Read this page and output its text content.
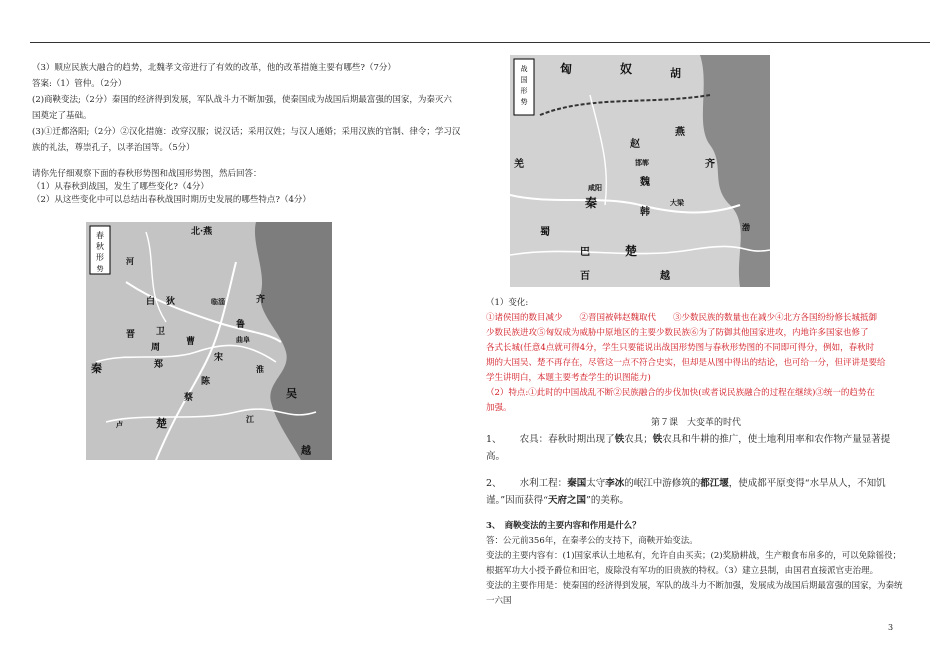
（3）顺应民族大融合的趋势，北魏孝文帝进行了有效的改革，他的改革措施主要有哪些?（7分）

答案:（1）管仲。（2分）

(2)商鞅变法;（2分）秦国的经济得到发展，军队战斗力不断加强，使秦国成为战国后期最富强的国家，为秦灭六

国奠定了基础。

(3)①迁都洛阳;（2分）②汉化措施：改穿汉服；说汉话；采用汉姓；与汉人通婚；采用汉族的官制、律令；学习汉

族的礼法，尊崇孔子，以孝治国等。（5分）

请你先仔细观察下面的春秋形势图和战国形势图，然后回答：

（1）从春秋到战国，发生了哪些变化?（4分）

（2）从这些变化中可以总结出春秋战国时期历史发展的哪些特点?（4分）

春
秋
形
势
北·燕
白 狄
卫
晋
周
郑
宋
鲁
齐
秦
曹
陈
蔡
楚
吴
越
卢
河
临淄
曲阜
江
淮
战
国
形
势
匈	奴	胡
燕
赵
齐
魏
韩
秦
楚
羌
巴
蜀
百	越
渤
咸阳
邯郸
大梁

（1）变化:

①诸侯国的数目减少　　②晋国被韩赵魏取代　　③少数民族的数量也在减少④北方各国纷纷修长城抵御

少数民族进攻⑤匈奴成为威胁中原地区的主要少数民族⑥为了防御其他国家进攻，内地许多国家也修了

各式长城(任意4点就可得4分，学生只要能说出战国形势图与春秋形势图的不同即可得分，例如，春秋时

期的大国吴、楚不再存在，尽管这一点不符合史实，但却是从图中得出的结论，也可给一分，但评讲是要给

学生讲明白，本题主要考查学生的识图能力)

（2）特点:①此时的中国战乱不断②民族融合的步伐加快(或者说民族融合的过程在继续)③统一的趋势在

加强。

第７课　大变革的时代

1、 农具：春秋时期出现了铁农具；铁农具和牛耕的推广，使土地利用率和农作物产量显著提高。

2、 水利工程：秦国太守李冰的岷江中游修筑的都江堰，使成都平原变得“水旱从人，不知饥

谨。”因而获得“天府之国”的美称。

3、　商鞅变法的主要内容和作用是什么？

答：公元前356年，在秦孝公的支持下，商鞅开始变法。

变法的主要内容有：(1)国家承认土地私有，允许自由买卖；(2)奖励耕战，生产粮食布帛多的，可以免除徭役；

根据军功大小授予爵位和田宅，废除没有军功的旧贵族的特权。（3）建立县制，由国君直接派官吏治理。

变法的主要作用是：使秦国的经济得到发展，军队的战斗力不断加强，发展成为战国后期最富强的国家，为秦统一六国

3
